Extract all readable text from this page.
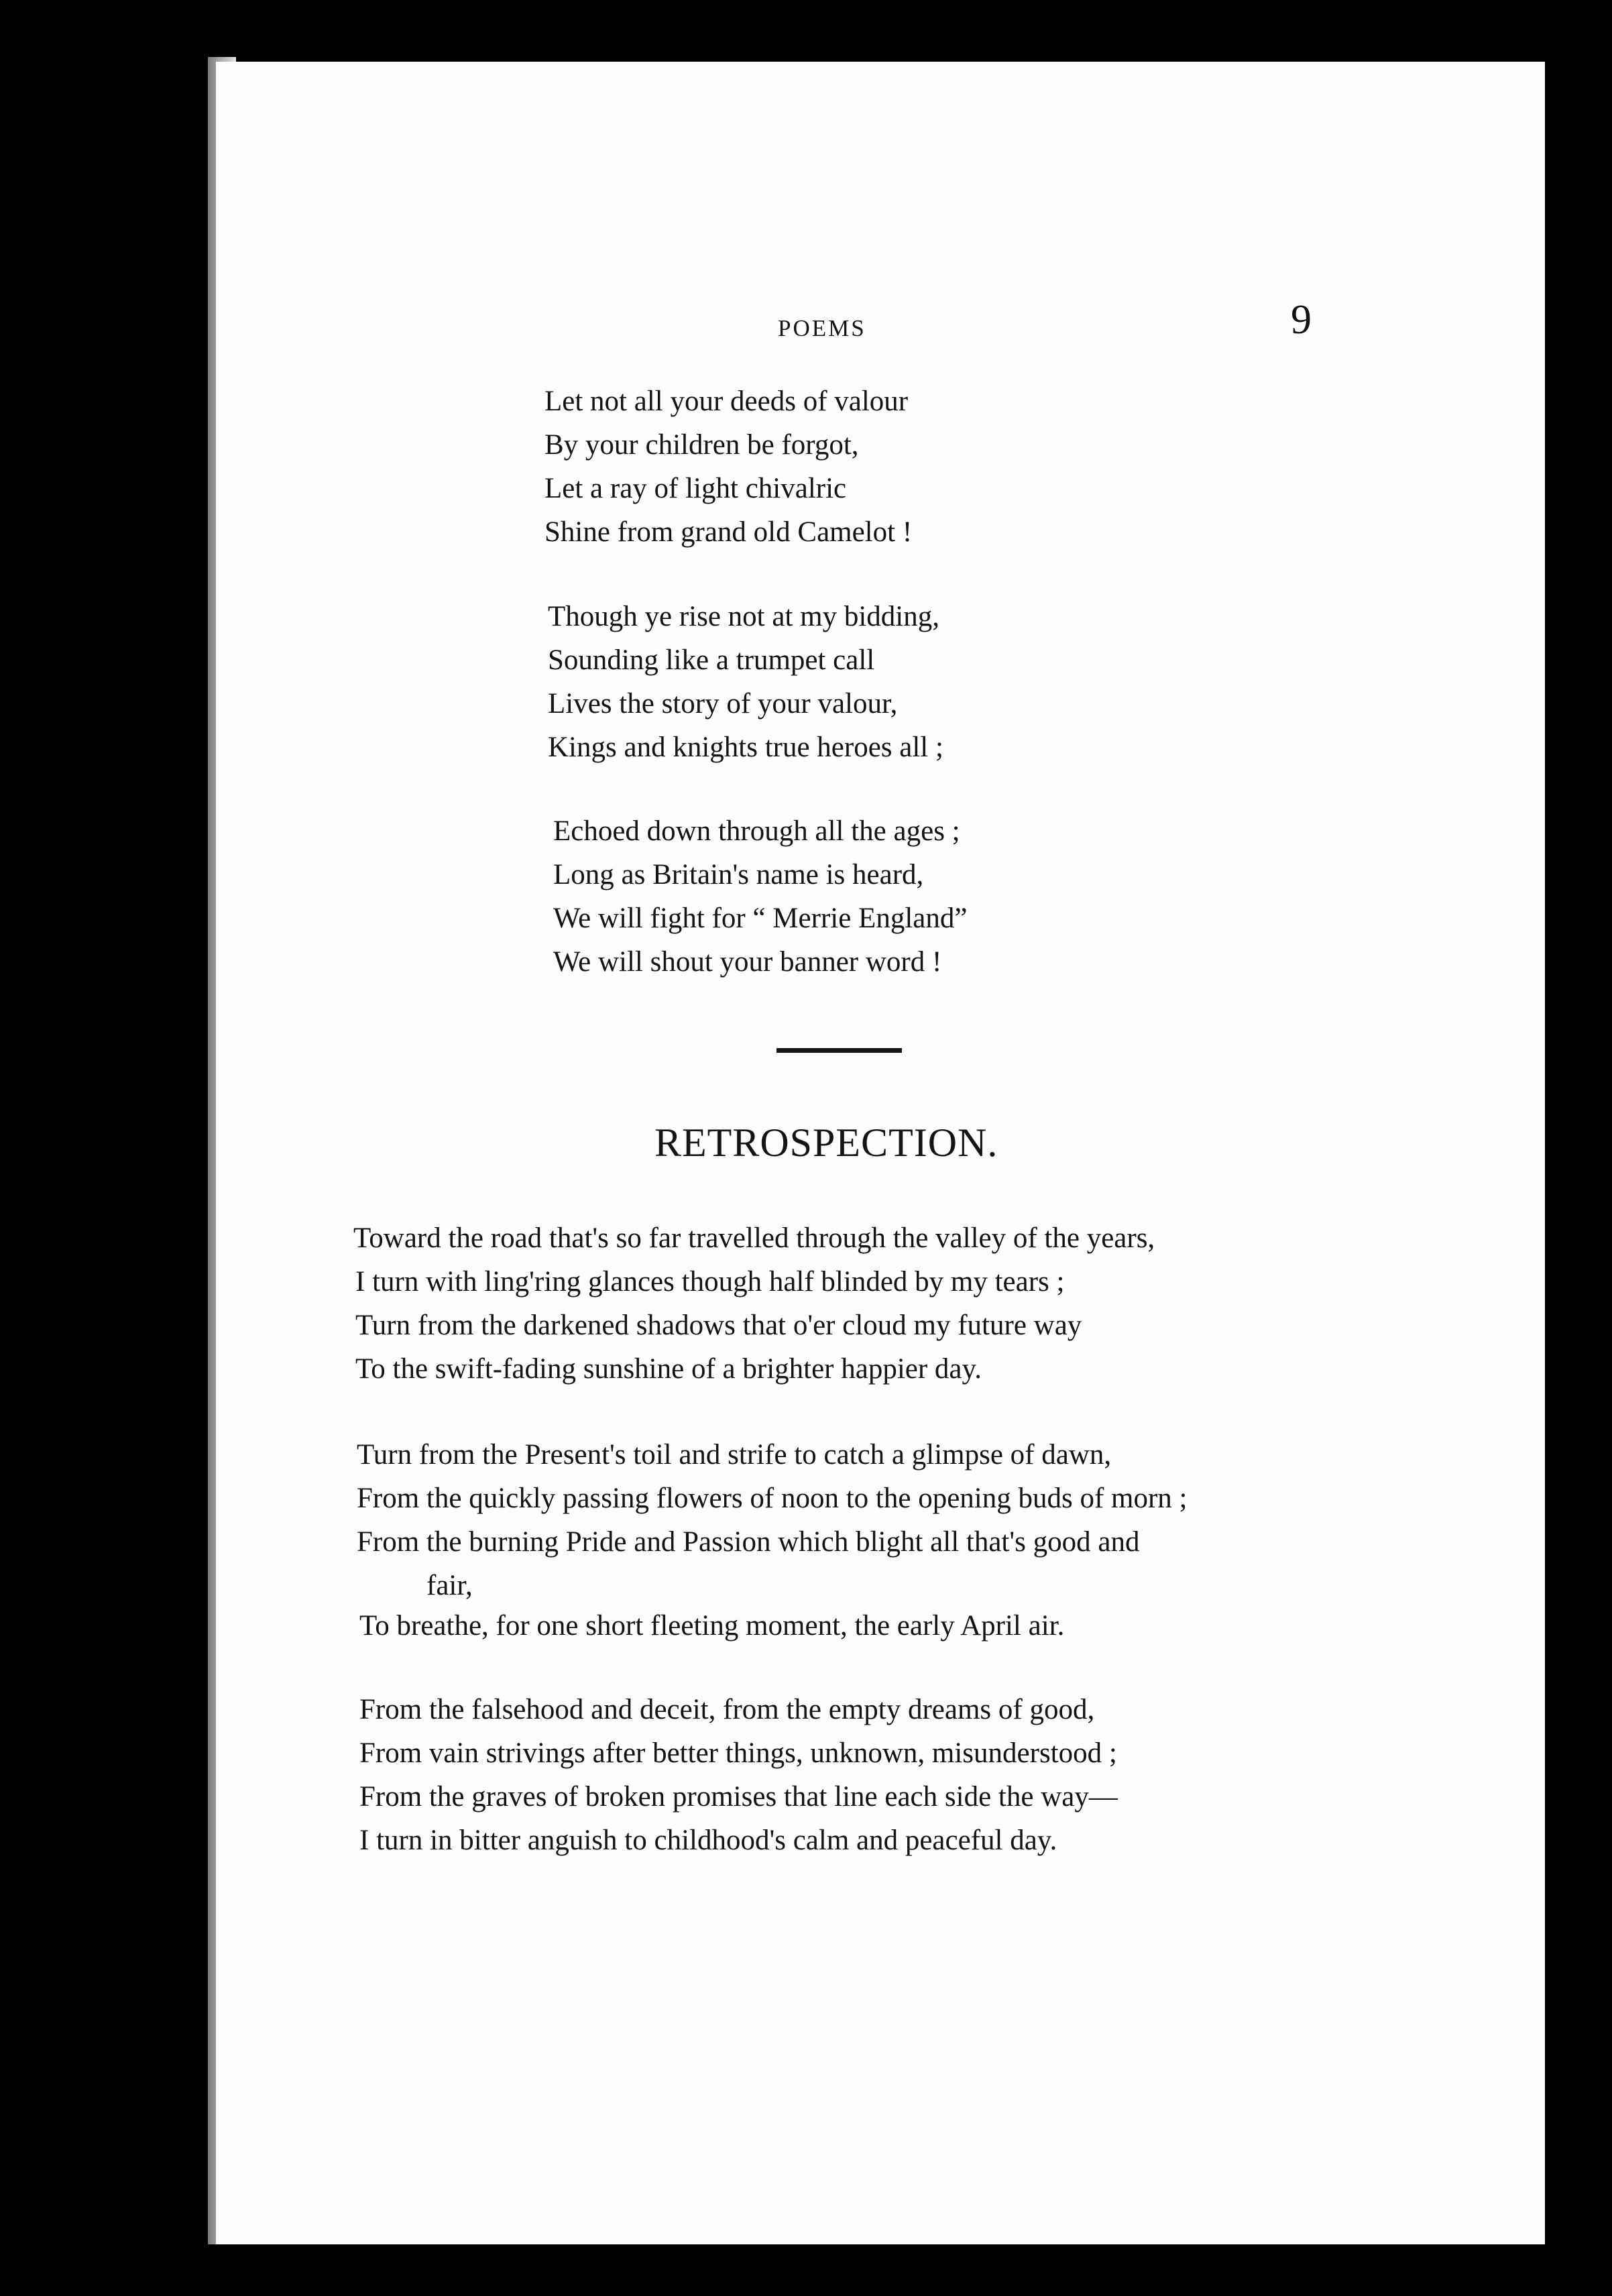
POEMS	9
Let not all your deeds of valour
By your children be forgot,
Let a ray of light chivalric
Shine from grand old Camelot !
Though ye rise not at my bidding,
Sounding like a trumpet call
Lives the story of your valour,
Kings and knights true heroes all ;
Echoed down through all the ages ;
Long as Britain's name is heard,
We will fight for “ Merrie England”
We will shout your banner word !
RETROSPECTION.
Toward the road that's so far travelled through the valley of the years,
I turn with ling'ring glances though half blinded by my tears ;
Turn from the darkened shadows that o'er cloud my future way
To the swift-fading sunshine of a brighter happier day.
Turn from the Present's toil and strife to catch a glimpse of dawn,
From the quickly passing flowers of noon to the opening buds of morn ;
From the burning Pride and Passion which blight all that's good and
fair,
To breathe, for one short fleeting moment, the early April air.
From the falsehood and deceit, from the empty dreams of good,
From vain strivings after better things, unknown, misunderstood ;
From the graves of broken promises that line each side the way—
I turn in bitter anguish to childhood's calm and peaceful day.
